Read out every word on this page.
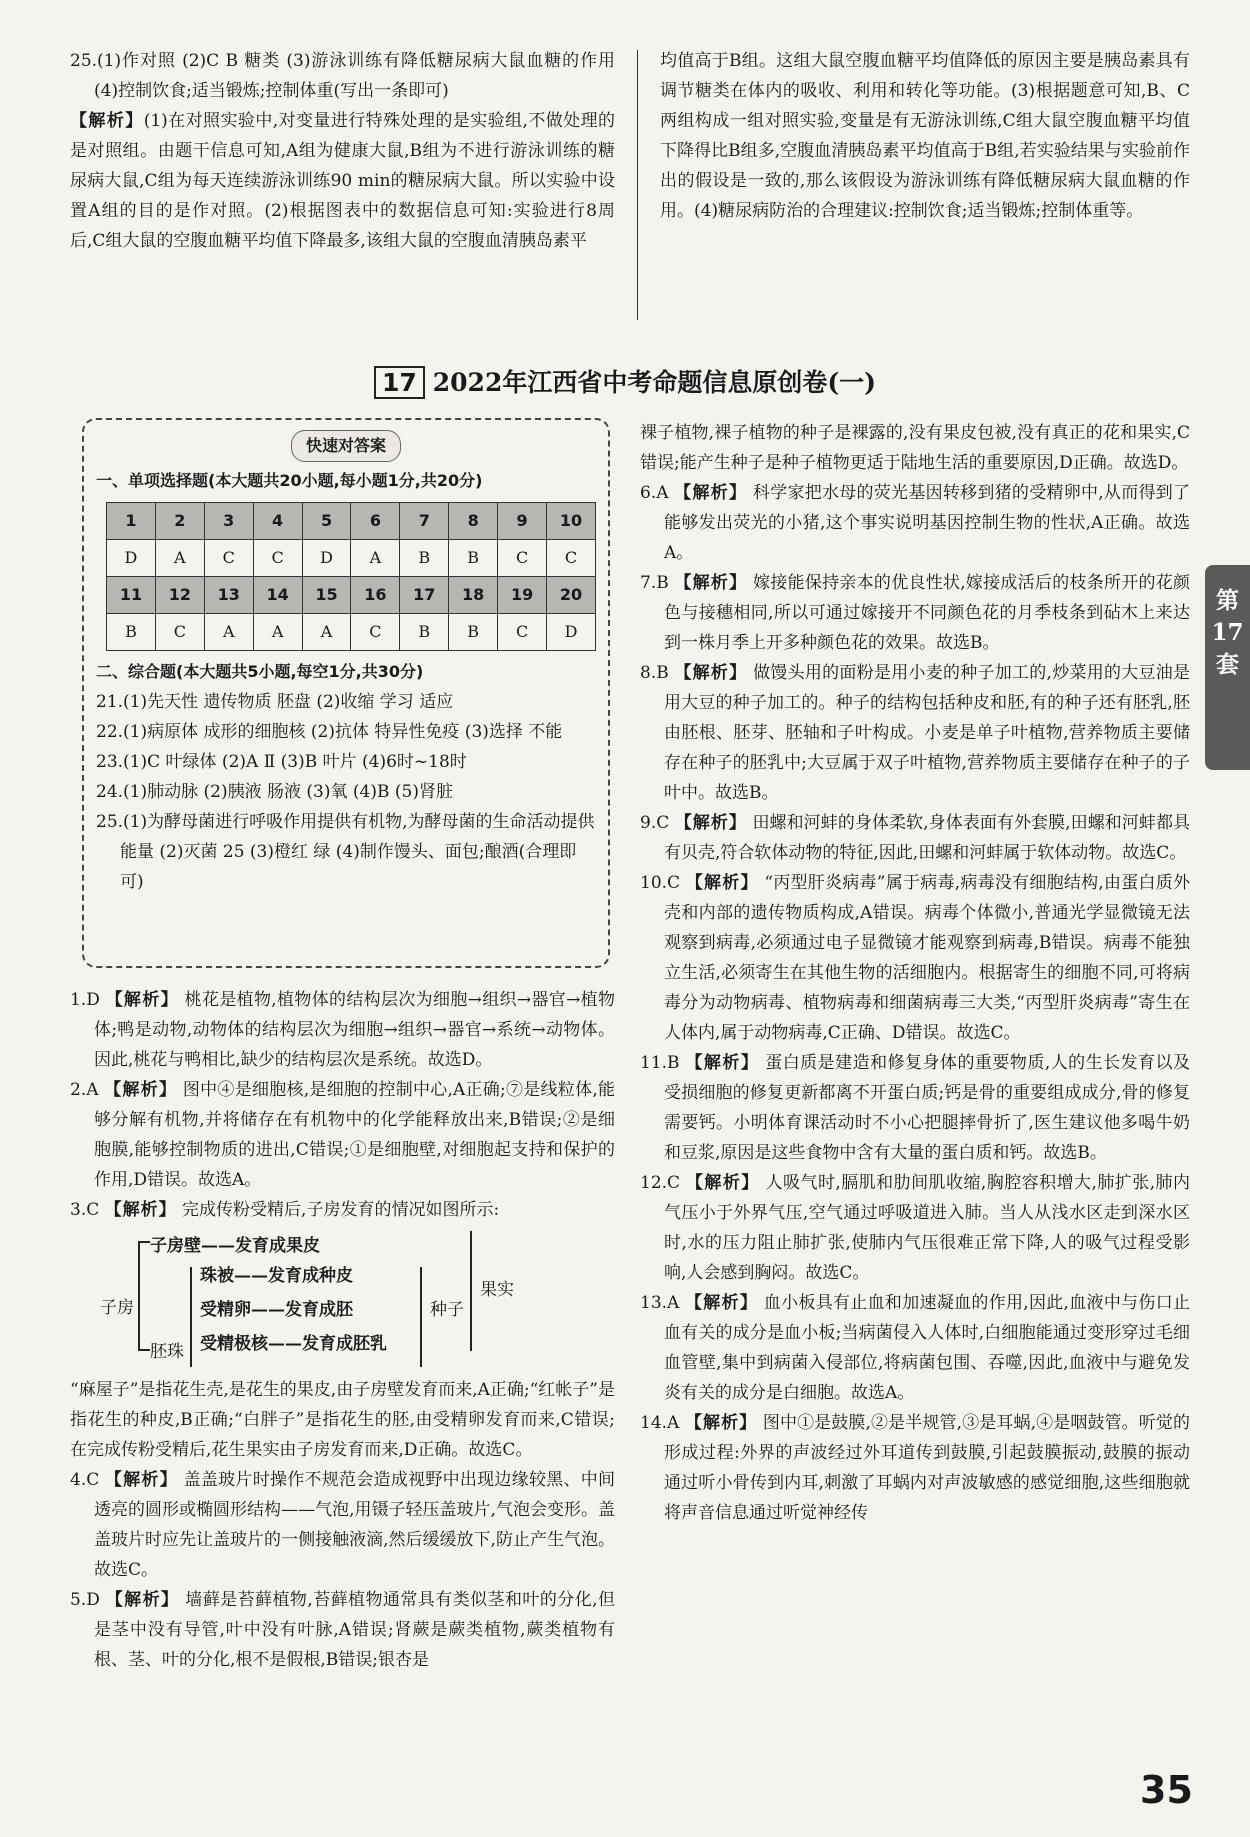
25.(1)作对照 (2)C B 糖类 (3)游泳训练有降低糖尿病大鼠血糖的作用 (4)控制饮食;适当锻炼;控制体重(写出一条即可)

【解析】(1)在对照实验中,对变量进行特殊处理的是实验组,不做处理的是对照组。由题干信息可知,A组为健康大鼠,B组为不进行游泳训练的糖尿病大鼠,C组为每天连续游泳训练90 min的糖尿病大鼠。所以实验中设置A组的目的是作对照。(2)根据图表中的数据信息可知:实验进行8周后,C组大鼠的空腹血糖平均值下降最多,该组大鼠的空腹血清胰岛素平

均值高于B组。这组大鼠空腹血糖平均值降低的原因主要是胰岛素具有调节糖类在体内的吸收、利用和转化等功能。(3)根据题意可知,B、C两组构成一组对照实验,变量是有无游泳训练,C组大鼠空腹血糖平均值下降得比B组多,空腹血清胰岛素平均值高于B组,若实验结果与实验前作出的假设是一致的,那么该假设为游泳训练有降低糖尿病大鼠血糖的作用。(4)糖尿病防治的合理建议:控制饮食;适当锻炼;控制体重等。

17 2022年江西省中考命题信息原创卷(一)
快速对答案
一、单项选择题(本大题共20小题,每小题1分,共20分)
1	2	3	4	5	6	7	8	9	10
D	A	C	C	D	A	B	B	C	C
11	12	13	14	15	16	17	18	19	20
B	C	A	A	A	C	B	B	C	D
二、综合题(本大题共5小题,每空1分,共30分)
21.(1)先天性 遗传物质 胚盘 (2)收缩 学习 适应
22.(1)病原体 成形的细胞核 (2)抗体 特异性免疫 (3)选择 不能
23.(1)C 叶绿体 (2)A Ⅱ (3)B 叶片 (4)6时~18时
24.(1)肺动脉 (2)胰液 肠液 (3)氧 (4)B (5)肾脏
25.(1)为酵母菌进行呼吸作用提供有机物,为酵母菌的生命活动提供能量 (2)灭菌 25 (3)橙红 绿 (4)制作馒头、面包;酿酒(合理即可)

1.D 【解析】 桃花是植物,植物体的结构层次为细胞→组织→器官→植物体;鸭是动物,动物体的结构层次为细胞→组织→器官→系统→动物体。因此,桃花与鸭相比,缺少的结构层次是系统。故选D。

2.A 【解析】 图中④是细胞核,是细胞的控制中心,A正确;⑦是线粒体,能够分解有机物,并将储存在有机物中的化学能释放出来,B错误;②是细胞膜,能够控制物质的进出,C错误;①是细胞壁,对细胞起支持和保护的作用,D错误。故选A。

3.C 【解析】 完成传粉受精后,子房发育的情况如图所示:

子房
子房壁——发育成果皮
胚珠
珠被——发育成种皮
受精卵——发育成胚
受精极核——发育成胚乳
种子
果实

“麻屋子”是指花生壳,是花生的果皮,由子房壁发育而来,A正确;“红帐子”是指花生的种皮,B正确;“白胖子”是指花生的胚,由受精卵发育而来,C错误;在完成传粉受精后,花生果实由子房发育而来,D正确。故选C。

4.C 【解析】 盖盖玻片时操作不规范会造成视野中出现边缘较黑、中间透亮的圆形或椭圆形结构——气泡,用镊子轻压盖玻片,气泡会变形。盖盖玻片时应先让盖玻片的一侧接触液滴,然后缓缓放下,防止产生气泡。故选C。

5.D 【解析】 墙藓是苔藓植物,苔藓植物通常具有类似茎和叶的分化,但是茎中没有导管,叶中没有叶脉,A错误;肾蕨是蕨类植物,蕨类植物有根、茎、叶的分化,根不是假根,B错误;银杏是

裸子植物,裸子植物的种子是裸露的,没有果皮包被,没有真正的花和果实,C错误;能产生种子是种子植物更适于陆地生活的重要原因,D正确。故选D。

6.A 【解析】 科学家把水母的荧光基因转移到猪的受精卵中,从而得到了能够发出荧光的小猪,这个事实说明基因控制生物的性状,A正确。故选A。

7.B 【解析】 嫁接能保持亲本的优良性状,嫁接成活后的枝条所开的花颜色与接穗相同,所以可通过嫁接开不同颜色花的月季枝条到砧木上来达到一株月季上开多种颜色花的效果。故选B。

8.B 【解析】 做馒头用的面粉是用小麦的种子加工的,炒菜用的大豆油是用大豆的种子加工的。种子的结构包括种皮和胚,有的种子还有胚乳,胚由胚根、胚芽、胚轴和子叶构成。小麦是单子叶植物,营养物质主要储存在种子的胚乳中;大豆属于双子叶植物,营养物质主要储存在种子的子叶中。故选B。

9.C 【解析】 田螺和河蚌的身体柔软,身体表面有外套膜,田螺和河蚌都具有贝壳,符合软体动物的特征,因此,田螺和河蚌属于软体动物。故选C。

10.C 【解析】 “丙型肝炎病毒”属于病毒,病毒没有细胞结构,由蛋白质外壳和内部的遗传物质构成,A错误。病毒个体微小,普通光学显微镜无法观察到病毒,必须通过电子显微镜才能观察到病毒,B错误。病毒不能独立生活,必须寄生在其他生物的活细胞内。根据寄生的细胞不同,可将病毒分为动物病毒、植物病毒和细菌病毒三大类,“丙型肝炎病毒”寄生在人体内,属于动物病毒,C正确、D错误。故选C。

11.B 【解析】 蛋白质是建造和修复身体的重要物质,人的生长发育以及受损细胞的修复更新都离不开蛋白质;钙是骨的重要组成成分,骨的修复需要钙。小明体育课活动时不小心把腿摔骨折了,医生建议他多喝牛奶和豆浆,原因是这些食物中含有大量的蛋白质和钙。故选B。

12.C 【解析】 人吸气时,膈肌和肋间肌收缩,胸腔容积增大,肺扩张,肺内气压小于外界气压,空气通过呼吸道进入肺。当人从浅水区走到深水区时,水的压力阻止肺扩张,使肺内气压很难正常下降,人的吸气过程受影响,人会感到胸闷。故选C。

13.A 【解析】 血小板具有止血和加速凝血的作用,因此,血液中与伤口止血有关的成分是血小板;当病菌侵入人体时,白细胞能通过变形穿过毛细血管壁,集中到病菌入侵部位,将病菌包围、吞噬,因此,血液中与避免发炎有关的成分是白细胞。故选A。

14.A 【解析】 图中①是鼓膜,②是半规管,③是耳蜗,④是咽鼓管。听觉的形成过程:外界的声波经过外耳道传到鼓膜,引起鼓膜振动,鼓膜的振动通过听小骨传到内耳,刺激了耳蜗内对声波敏感的感觉细胞,这些细胞就将声音信息通过听觉神经传

第
17
套
35
